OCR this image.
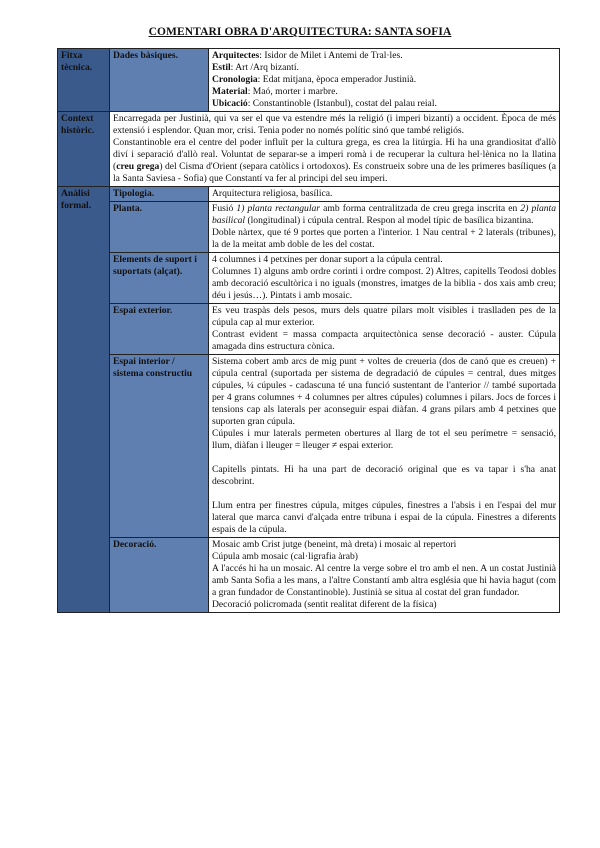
COMENTARI OBRA D'ARQUITECTURA: SANTA SOFIA
Fitxa tècnica.	Dades bàsiques.	Arquitectes: Isidor de Milet i Antemi de Tral·les.
Estil: Art /Arq bizantí.
Cronologia: Edat mitjana, època emperador Justinià.
Material: Maó, morter i marbre.
Ubicació: Constantinoble (Istanbul), costat del palau reial.

Context històric.	Encarregada per Justinià, qui va ser el que va estendre més la religió (i imperi bizantí) a occident. Època de més extensió i esplendor. Quan mor, crisi. Tenia poder no només polític sinó que també religiós.
Constantinoble era el centre del poder influït per la cultura grega, es crea la litúrgia. Hi ha una grandiositat d'allò diví i separació d'allò real. Voluntat de separar-se a imperi romà i de recuperar la cultura hel·lènica no la llatina (creu grega) del Cisma d'Orient (separa catòlics i ortodoxos). Es construeix sobre una de les primeres basíliques (a la Santa Saviesa - Sofia) que Constantí va fer al principi del seu imperi.	

Anàlisi formal.	Tipologia.	Arquitectura religiosa, basílica.
	Planta.	Fusió 1) planta rectangular amb forma centralitzada de creu grega inscrita en 2) planta basilical (longitudinal) i cúpula central. Respon al model típic de basílica bizantina.
Doble nàrtex, que té 9 portes que porten a l'interior. 1 Nau central + 2 laterals (tribunes), la de la meitat amb doble de les del costat.

	Elements de suport i suportats (alçat).	4 columnes i 4 petxines per donar suport a la cúpula central.
Columnes 1) alguns amb ordre corinti i ordre compost. 2) Altres, capitells Teodosi dobles amb decoració escultòrica i no iguals (monstres, imatges de la biblia - dos xais amb creu; déu i jesús…). Pintats i amb mosaic.

	Espai exterior.	Es veu traspàs dels pesos, murs dels quatre pilars molt visibles i traslladen pes de la cúpula cap al mur exterior.
Contrast evident = massa compacta arquitectònica sense decoració - auster. Cúpula amagada dins estructura cònica.

	Espai interior / sistema constructiu	Sistema cobert amb arcs de mig punt + voltes de creueria (dos de canó que es creuen) + cúpula central (suportada per sistema de degradació de cúpules = central, dues mitges cúpules, ¼ cúpules - cadascuna té una funció sustentant de l'anterior // també suportada per 4 grans columnes + 4 columnes per altres cúpules) columnes i pilars. Jocs de forces i tensions cap als laterals per aconseguir espai diàfan. 4 grans pilars amb 4 petxines que suporten gran cúpula.
Cúpules i mur laterals permeten obertures al llarg de tot el seu perímetre = sensació, llum, diàfan i lleuger = lleuger ≠ espai exterior.
Capitells pintats. Hi ha una part de decoració original que es va tapar i s'ha anat descobrint.
Llum entra per finestres cúpula, mitges cúpules, finestres a l'absis i en l'espai del mur lateral que marca canvi d'alçada entre tribuna i espai de la cúpula. Finestres a diferents espais de la cúpula.

	Decoració.	Mosaic amb Crist jutge (beneint, mà dreta) i mosaic al repertori
Cúpula amb mosaic (cal·ligrafia àrab)
A l'accés hi ha un mosaic. Al centre la verge sobre el tro amb el nen. A un costat Justinià amb Santa Sofia a les mans, a l'altre Constantí amb altra església que hi havia hagut (com a gran fundador de Constantinoble). Justinià se situa al costat del gran fundador.
Decoració policromada (sentit realitat diferent de la física)
